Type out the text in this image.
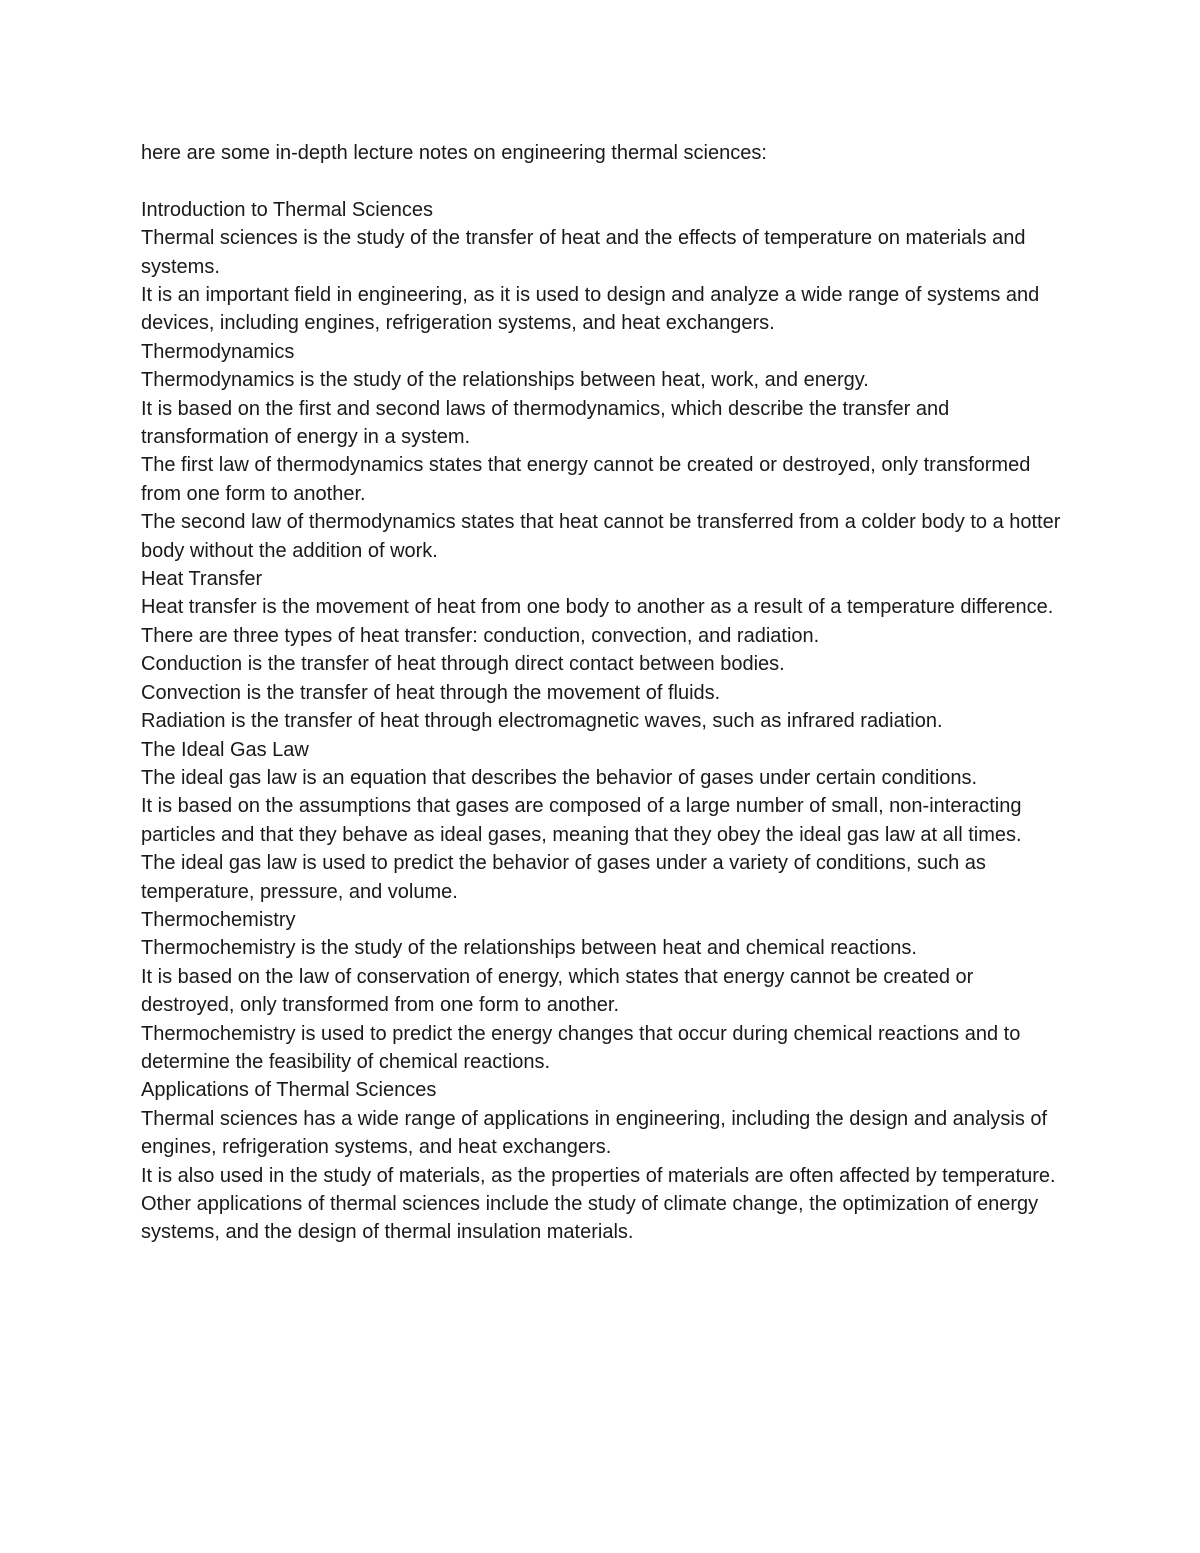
here are some in-depth lecture notes on engineering thermal sciences:

Introduction to Thermal Sciences

Thermal sciences is the study of the transfer of heat and the effects of temperature on materials and systems.

It is an important field in engineering, as it is used to design and analyze a wide range of systems and devices, including engines, refrigeration systems, and heat exchangers.

Thermodynamics

Thermodynamics is the study of the relationships between heat, work, and energy.

It is based on the first and second laws of thermodynamics, which describe the transfer and transformation of energy in a system.

The first law of thermodynamics states that energy cannot be created or destroyed, only transformed from one form to another.

The second law of thermodynamics states that heat cannot be transferred from a colder body to a hotter body without the addition of work.

Heat Transfer

Heat transfer is the movement of heat from one body to another as a result of a temperature difference.

There are three types of heat transfer: conduction, convection, and radiation.

Conduction is the transfer of heat through direct contact between bodies.

Convection is the transfer of heat through the movement of fluids.

Radiation is the transfer of heat through electromagnetic waves, such as infrared radiation.

The Ideal Gas Law

The ideal gas law is an equation that describes the behavior of gases under certain conditions.

It is based on the assumptions that gases are composed of a large number of small, non-interacting particles and that they behave as ideal gases, meaning that they obey the ideal gas law at all times.

The ideal gas law is used to predict the behavior of gases under a variety of conditions, such as temperature, pressure, and volume.

Thermochemistry

Thermochemistry is the study of the relationships between heat and chemical reactions.

It is based on the law of conservation of energy, which states that energy cannot be created or destroyed, only transformed from one form to another.

Thermochemistry is used to predict the energy changes that occur during chemical reactions and to determine the feasibility of chemical reactions.

Applications of Thermal Sciences

Thermal sciences has a wide range of applications in engineering, including the design and analysis of engines, refrigeration systems, and heat exchangers.

It is also used in the study of materials, as the properties of materials are often affected by temperature.

Other applications of thermal sciences include the study of climate change, the optimization of energy systems, and the design of thermal insulation materials.
